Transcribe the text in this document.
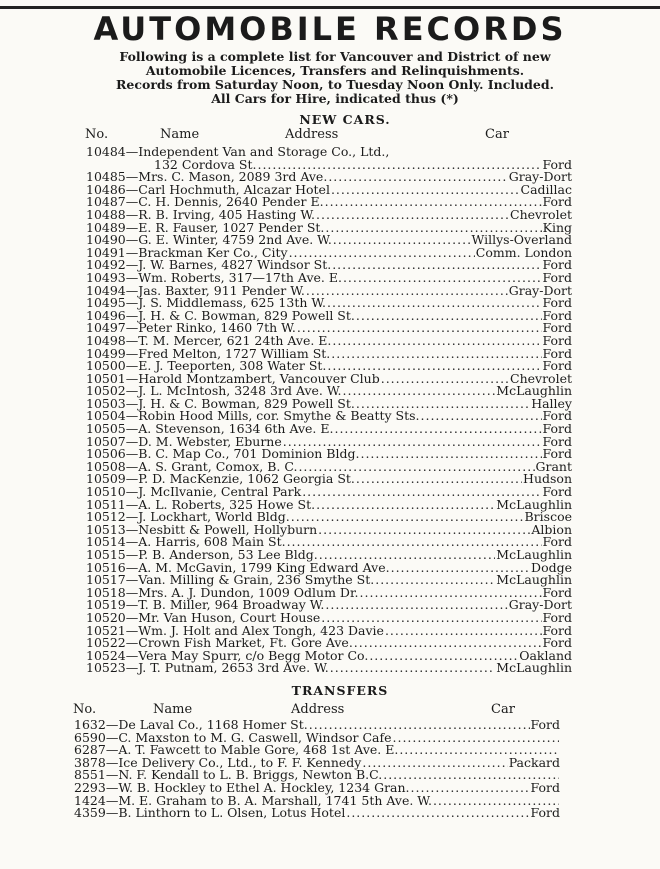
AUTOMOBILE RECORDS

Following is a complete list for Vancouver and District of new

Automobile Licences, Transfers and Relinquishments.

Records from Saturday Noon, to Tuesday Noon Only. Included.

All Cars for Hire, indicated thus (*)

NEW CARS.
No.	Name	Address	Car
10484 — Independent Van and Storage Co., Ltd.,
132 Cordova St. .....	Ford
10485 — Mrs. C. Mason, 2089 3rd Ave. .....	Gray-Dort
10486 — Carl Hochmuth, Alcazar Hotel .....	Cadillac
10487 — C. H. Dennis, 2640 Pender E. .....	Ford
10488 — R. B. Irving, 405 Hasting W. .....	Chevrolet
10489 — E. R. Fauser, 1027 Pender St. .....	King
10490 — G. E. Winter, 4759 2nd Ave. W. .....	Willys-Overland
10491 — Brackman Ker Co., City .....	Comm. London
10492 — J. W. Barnes, 4827 Windsor St. .....	Ford
10493 — Wm. Roberts, 317—17th Ave. E. .....	Ford
10494 — Jas. Baxter, 911 Pender W. .....	Gray-Dort
10495 — J. S. Middlemass, 625 13th W. .....	Ford
10496 — J. H. & C. Bowman, 829 Powell St. .....	Ford
10497 — Peter Rinko, 1460 7th W. .....	Ford
10498 — T. M. Mercer, 621 24th Ave. E. .....	Ford
10499 — Fred Melton, 1727 William St. .....	Ford
10500 — E. J. Teeporten, 308 Water St. .....	Ford
10501 — Harold Montzambert, Vancouver Club .....	Chevrolet
10502 — J. L. McIntosh, 3248 3rd Ave. W. .....	McLaughlin
10503 — J. H. & C. Bowman, 829 Powell St. .....	Halley
10504 — Robin Hood Mills, cor. Smythe & Beatty Sts. .....	Ford
10505 — A. Stevenson, 1634 6th Ave. E. .....	Ford
10507 — D. M. Webster, Eburne .....	Ford
10506 — B. C. Map Co., 701 Dominion Bldg. .....	Ford
10508 — A. S. Grant, Comox, B. C. .....	Grant
10509 — P. D. MacKenzie, 1062 Georgia St. .....	Hudson
10510 — J. McIlvanie, Central Park .....	Ford
10511 — A. L. Roberts, 325 Howe St. .....	McLaughlin
10512 — J. Lockhart, World Bldg. .....	Briscoe
10513 — Nesbitt & Powell, Hollyburn .....	Albion
10514 — A. Harris, 608 Main St. .....	Ford
10515 — P. B. Anderson, 53 Lee Bldg. .....	McLaughlin
10516 — A. M. McGavin, 1799 King Edward Ave. .....	Dodge
10517 — Van. Milling & Grain, 236 Smythe St. .....	McLaughlin
10518 — Mrs. A. J. Dundon, 1009 Odlum Dr. .....	Ford
10519 — T. B. Miller, 964 Broadway W. .....	Gray-Dort
10520 — Mr. Van Huson, Court House .....	Ford
10521 — Wm. J. Holt and Alex Tongh, 423 Davie .....	Ford
10522 — Crown Fish Market, Ft. Gore Ave. .....	Ford
10524 — Vera May Spurr, c/o Begg Motor Co. .....	Oakland
10523 — J. T. Putnam, 2653 3rd Ave. W. .....	McLaughlin
TRANSFERS
No.	Name	Address	Car
1632 — De Laval Co., 1168 Homer St. .....	Ford
6590 — C. Maxston to M. G. Caswell, Windsor Cafe
.....
6287 — A. T. Fawcett to Mable Gore, 468 1st Ave. E.
.....
3878 — Ice Delivery Co., Ltd., to F. F. Kennedy .....	Packard
8551 — N. F. Kendall to L. B. Briggs, Newton B.C.
.....
2293 — W. B. Hockley to Ethel A. Hockley, 1234 Gran. .....	Ford
1424 — M. E. Graham to B. A. Marshall, 1741 5th Ave. W.
.....
4359 — B. Linthorn to L. Olsen, Lotus Hotel .....	Ford
